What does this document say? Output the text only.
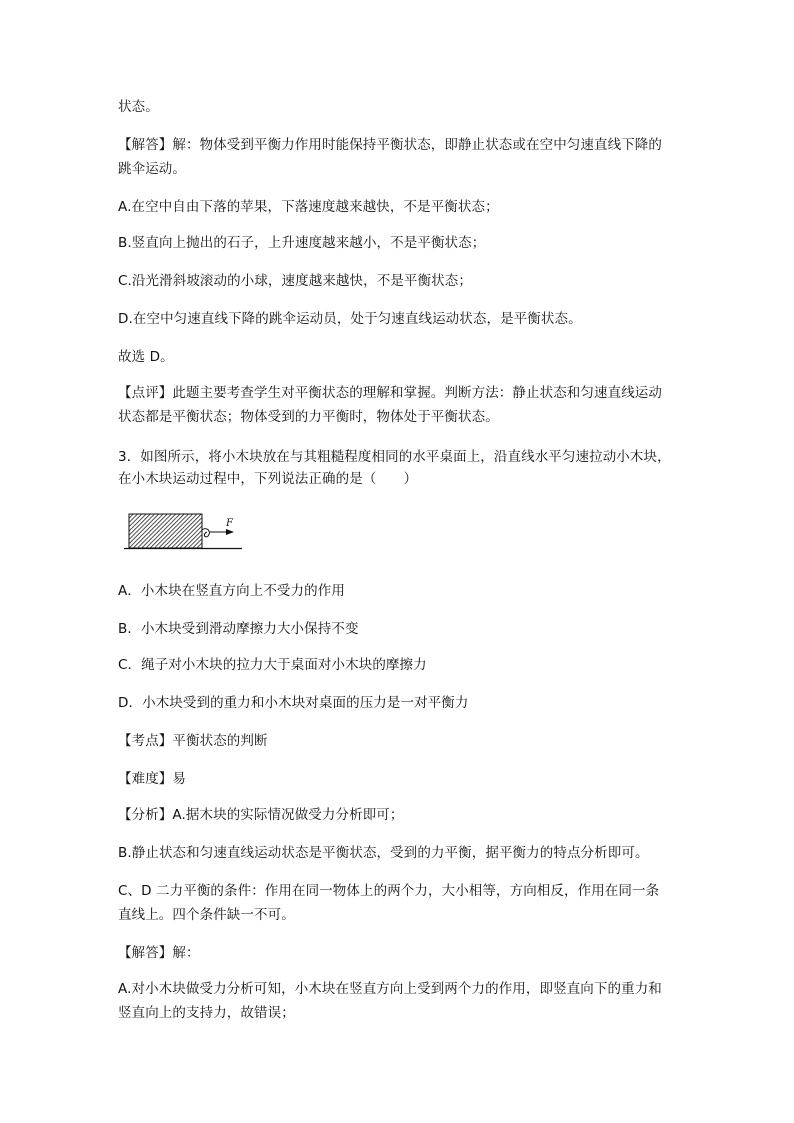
状态。
【解答】解：物体受到平衡力作用时能保持平衡状态，即静止状态或在空中匀速直线下降的
跳伞运动。
A.在空中自由下落的苹果，下落速度越来越快，不是平衡状态；
B.竖直向上抛出的石子，上升速度越来越小，不是平衡状态；
C.沿光滑斜坡滚动的小球，速度越来越快，不是平衡状态；
D.在空中匀速直线下降的跳伞运动员，处于匀速直线运动状态，是平衡状态。
故选 D。
【点评】此题主要考查学生对平衡状态的理解和掌握。判断方法：静止状态和匀速直线运动
状态都是平衡状态；物体受到的力平衡时，物体处于平衡状态。
3．如图所示，将小木块放在与其粗糙程度相同的水平桌面上，沿直线水平匀速拉动小木块，
在小木块运动过程中，下列说法正确的是（　　）
F
A．小木块在竖直方向上不受力的作用
B．小木块受到滑动摩擦力大小保持不变
C．绳子对小木块的拉力大于桌面对小木块的摩擦力
D．小木块受到的重力和小木块对桌面的压力是一对平衡力
【考点】平衡状态的判断
【难度】易
【分析】A.据木块的实际情况做受力分析即可；
B.静止状态和匀速直线运动状态是平衡状态，受到的力平衡，据平衡力的特点分析即可。
C、D 二力平衡的条件：作用在同一物体上的两个力，大小相等，方向相反，作用在同一条
直线上。四个条件缺一不可。
【解答】解：
A.对小木块做受力分析可知，小木块在竖直方向上受到两个力的作用，即竖直向下的重力和
竖直向上的支持力，故错误；
